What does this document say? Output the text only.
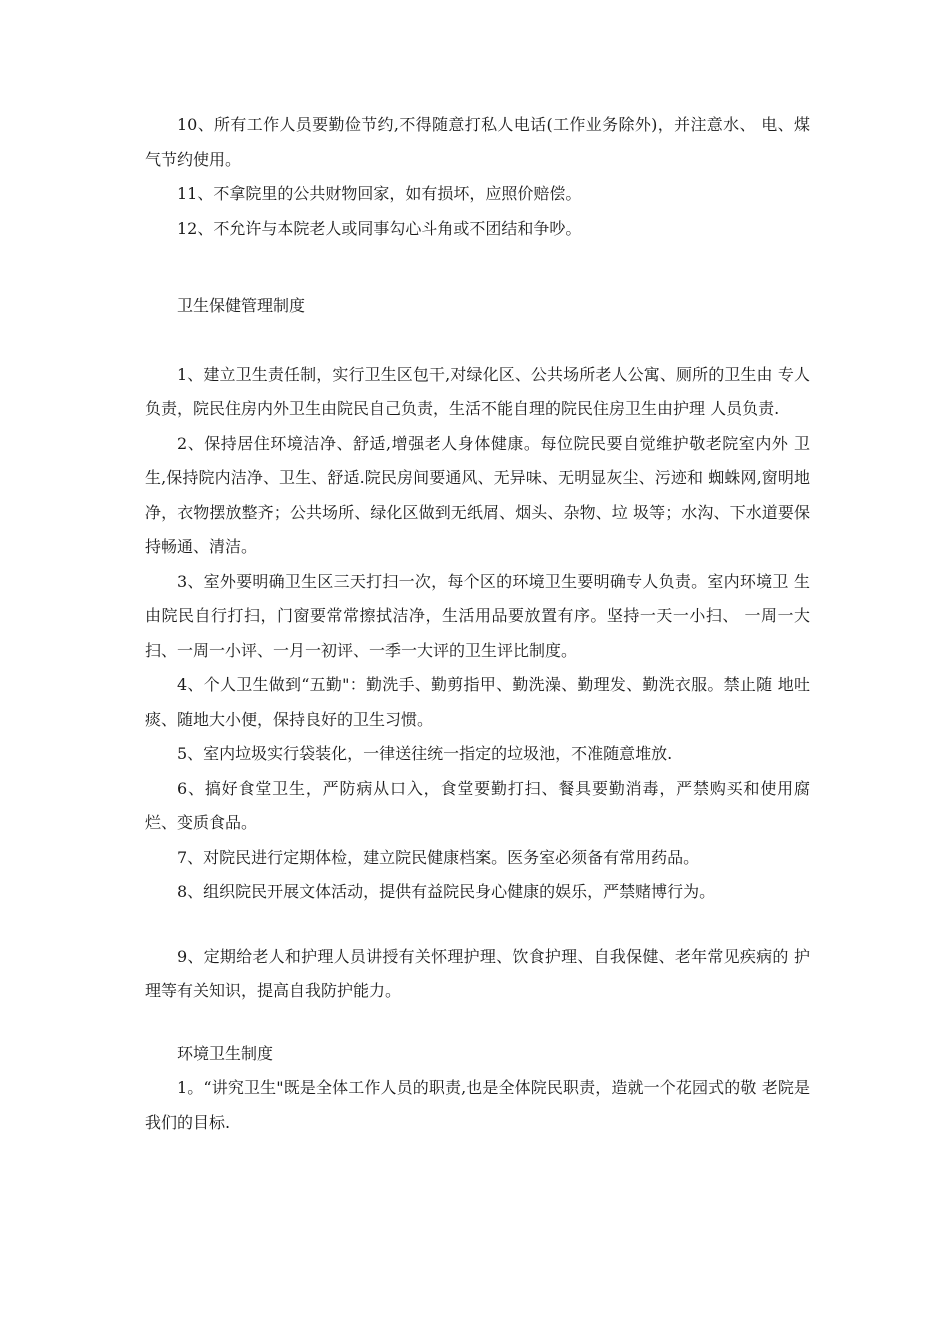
10、所有工作人员要勤俭节约,不得随意打私人电话(工作业务除外)，并注意水、 电、煤气节约使用。

11、不拿院里的公共财物回家，如有损坏，应照价赔偿。

12、不允许与本院老人或同事勾心斗角或不团结和争吵。

卫生保健管理制度

1、建立卫生责任制，实行卫生区包干,对绿化区、公共场所老人公寓、厕所的卫生由 专人负责，院民住房内外卫生由院民自己负责，生活不能自理的院民住房卫生由护理 人员负责.

2、保持居住环境洁净、舒适,增强老人身体健康。每位院民要自觉维护敬老院室内外 卫生,保持院内洁净、卫生、舒适.院民房间要通风、无异味、无明显灰尘、污迹和 蜘蛛网,窗明地净，衣物摆放整齐；公共场所、绿化区做到无纸屑、烟头、杂物、垃 圾等；水沟、下水道要保持畅通、清洁。

3、室外要明确卫生区三天打扫一次，每个区的环境卫生要明确专人负责。室内环境卫 生由院民自行打扫，门窗要常常擦拭洁净，生活用品要放置有序。坚持一天一小扫、 一周一大扫、一周一小评、一月一初评、一季一大评的卫生评比制度。

4、个人卫生做到“五勤"：勤洗手、勤剪指甲、勤洗澡、勤理发、勤洗衣服。禁止随 地吐痰、随地大小便，保持良好的卫生习惯。

5、室内垃圾实行袋装化，一律送往统一指定的垃圾池，不准随意堆放.

6、搞好食堂卫生，严防病从口入，食堂要勤打扫、餐具要勤消毒，严禁购买和使用腐 烂、变质食品。

7、对院民进行定期体检，建立院民健康档案。医务室必须备有常用药品。

8、组织院民开展文体活动，提供有益院民身心健康的娱乐，严禁赌博行为。

9、定期给老人和护理人员讲授有关怀理护理、饮食护理、自我保健、老年常见疾病的 护理等有关知识，提高自我防护能力。

环境卫生制度

1。“讲究卫生"既是全体工作人员的职责,也是全体院民职责，造就一个花园式的敬 老院是我们的目标.
